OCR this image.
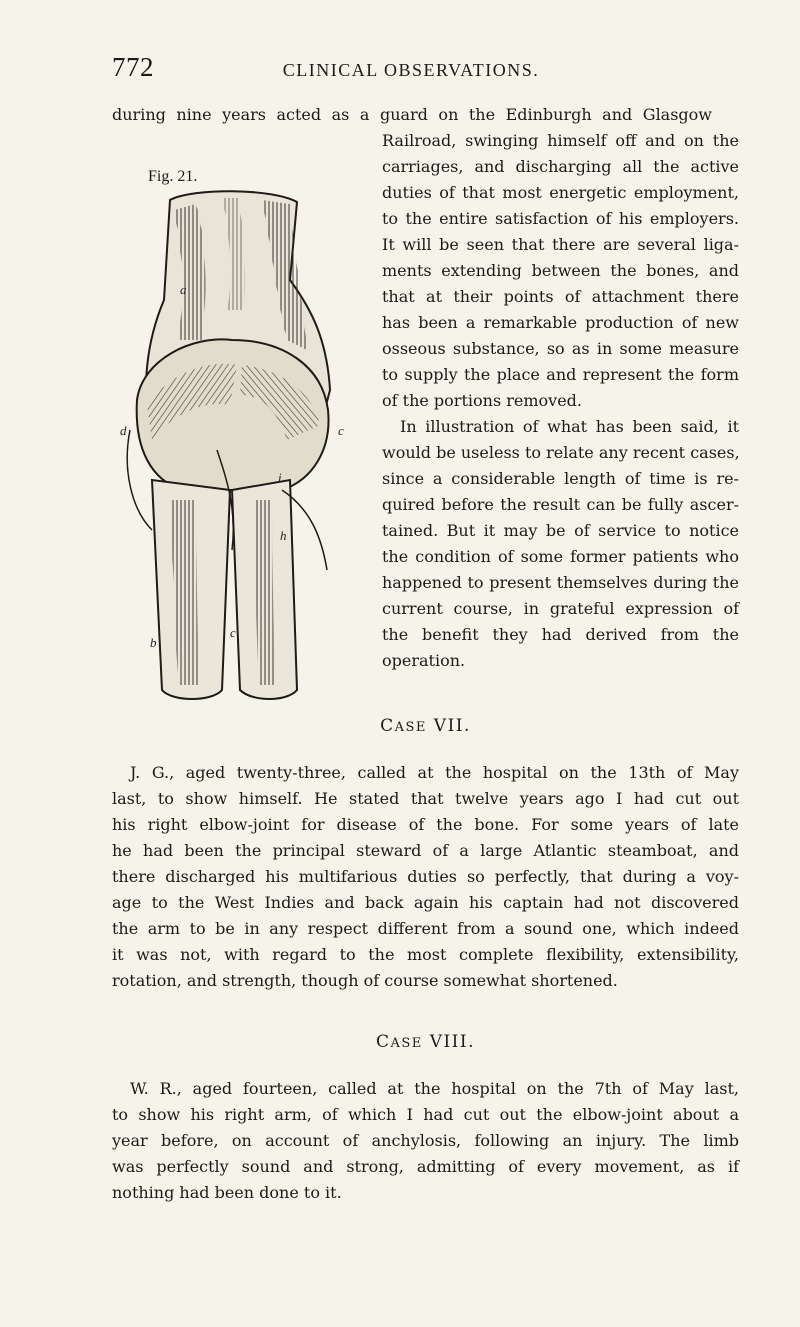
772	CLINICAL OBSERVATIONS.
during nine years acted as a guard on the Edinburgh and Glasgow
Fig. 21.
a
b
c
c
d
h
i
Railroad, swinging himself off and on the
carriages, and discharging all the active
duties of that most energetic employment,
to the entire satisfaction of his employers.
It will be seen that there are several liga-
ments extending between the bones, and
that at their points of attachment there
has been a remarkable production of new
osseous substance, so as in some measure
to supply the place and represent the form
of the portions removed.
In illustration of what has been said, it
would be useless to relate any recent cases,
since a considerable length of time is re-
quired before the result can be fully ascer-
tained. But it may be of service to notice
the condition of some former patients who
happened to present themselves during the
current course, in grateful expression of
the benefit they had derived from the
operation.
CASE VII.
J. G., aged twenty-three, called at the hospital on the 13th of May
last, to show himself. He stated that twelve years ago I had cut out
his right elbow-joint for disease of the bone. For some years of late
he had been the principal steward of a large Atlantic steamboat, and
there discharged his multifarious duties so perfectly, that during a voy-
age to the West Indies and back again his captain had not discovered
the arm to be in any respect different from a sound one, which indeed
it was not, with regard to the most complete flexibility, extensibility,
rotation, and strength, though of course somewhat shortened.
CASE VIII.
W. R., aged fourteen, called at the hospital on the 7th of May last,
to show his right arm, of which I had cut out the elbow-joint about a
year before, on account of anchylosis, following an injury. The limb
was perfectly sound and strong, admitting of every movement, as if
nothing had been done to it.
